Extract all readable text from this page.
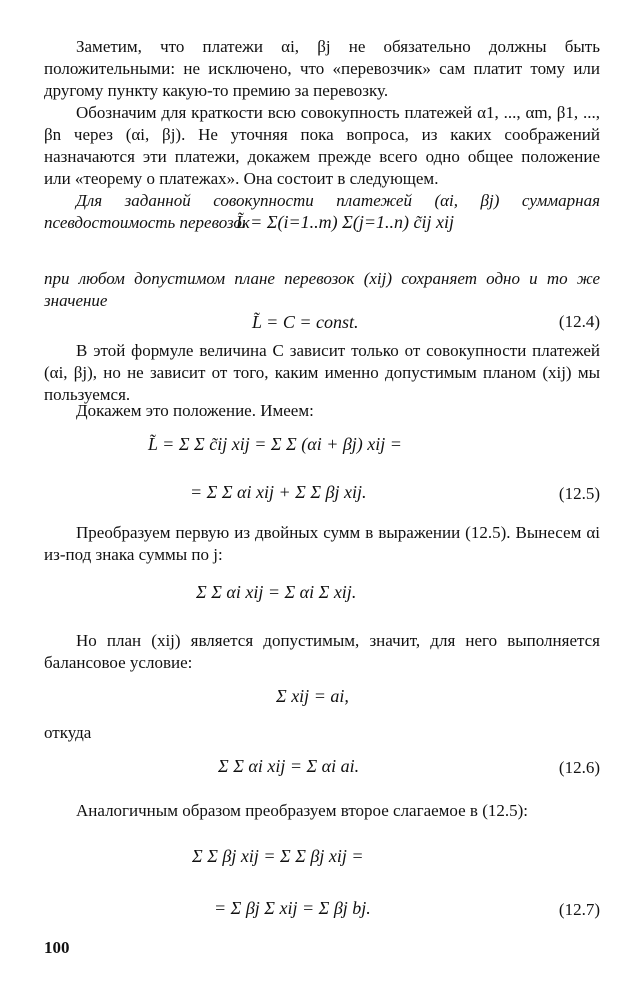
Заметим, что платежи αi, βj не обязательно должны быть положительными: не исключено, что «перевозчик» сам платит тому или другому пункту какую-то премию за перевозку.
Обозначим для краткости всю совокупность платежей α1, ..., αm, β1, ..., βn через (αi, βj). Не уточняя пока вопроса, из каких соображений назначаются эти платежи, докажем прежде всего одно общее положение или «теорему о платежах». Она состоит в следующем.
Для заданной совокупности платежей (αi, βj) суммарная псевдостоимость перевозок
L̃ = Σ(i=1..m) Σ(j=1..n) c̃ij xij
при любом допустимом плане перевозок (xij) сохраняет одно и то же значение
L̃ = C = const.	(12.4)
В этой формуле величина C зависит только от совокупности платежей (αi, βj), но не зависит от того, каким именно допустимым планом (xij) мы пользуемся.
Докажем это положение. Имеем:
L̃ = Σ Σ c̃ij xij = Σ Σ (αi + βj) xij =
= Σ Σ αi xij + Σ Σ βj xij.	(12.5)
Преобразуем первую из двойных сумм в выражении (12.5). Вынесем αi из-под знака суммы по j:
Σ Σ αi xij = Σ αi Σ xij.
Но план (xij) является допустимым, значит, для него выполняется балансовое условие:
Σ xij = ai,
откуда
Σ Σ αi xij = Σ αi ai.	(12.6)
Аналогичным образом преобразуем второе слагаемое в (12.5):
Σ Σ βj xij = Σ Σ βj xij =
= Σ βj Σ xij = Σ βj bj.	(12.7)
100
